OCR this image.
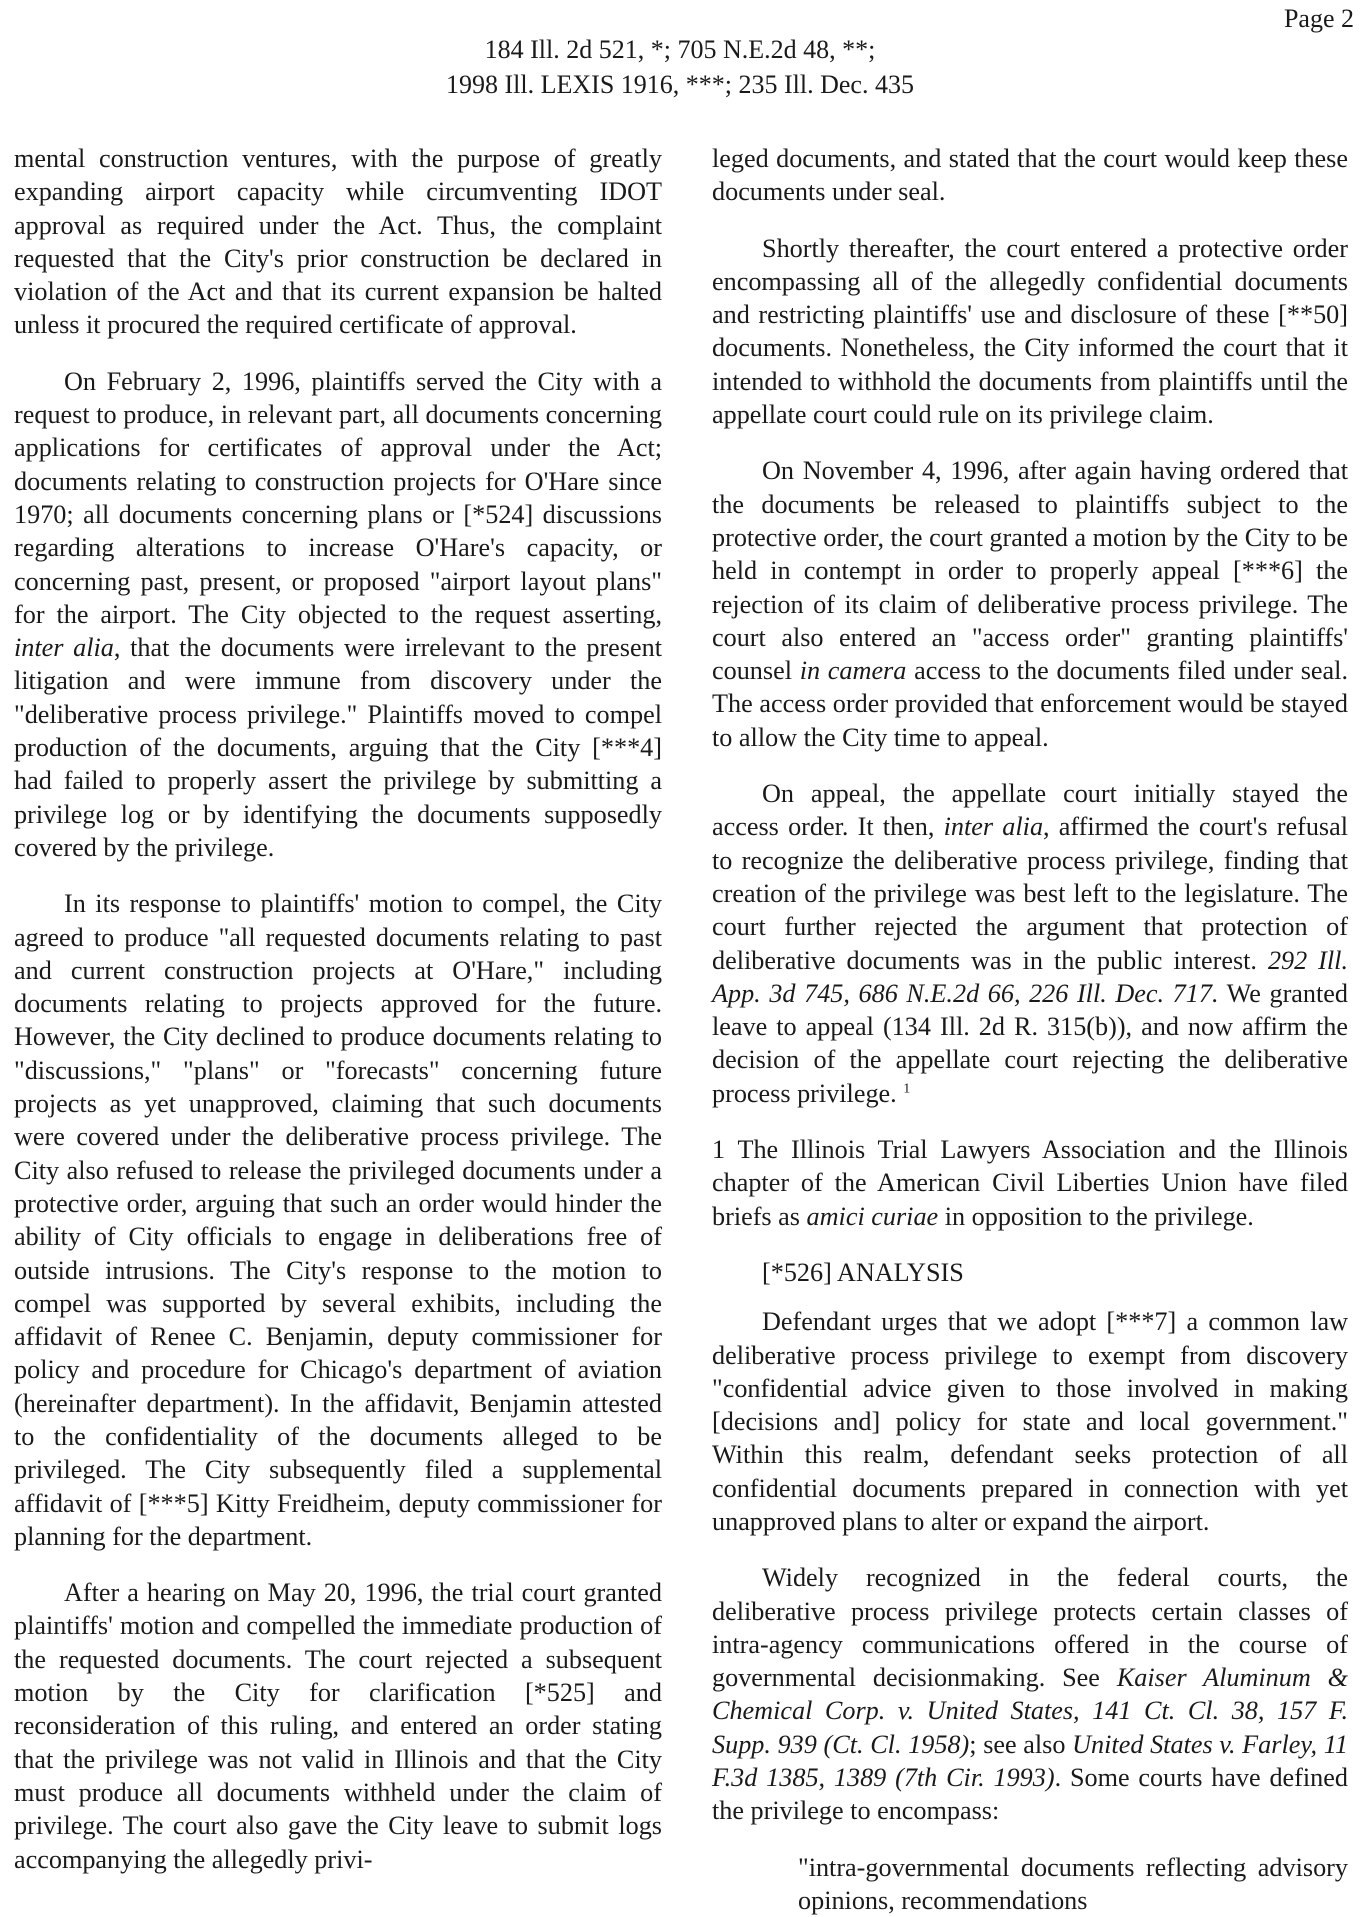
Page 2
184 Ill. 2d 521, *; 705 N.E.2d 48, **;
1998 Ill. LEXIS 1916, ***; 235 Ill. Dec. 435

mental construction ventures, with the purpose of greatly expanding airport capacity while circumventing IDOT approval as required under the Act. Thus, the complaint requested that the City's prior construction be declared in violation of the Act and that its current expansion be halted unless it procured the required certificate of approval.

On February 2, 1996, plaintiffs served the City with a request to produce, in relevant part, all documents concerning applications for certificates of approval under the Act; documents relating to construction projects for O'Hare since 1970; all documents concerning plans or [*524] discussions regarding alterations to increase O'Hare's capacity, or concerning past, present, or proposed "airport layout plans" for the airport. The City objected to the request asserting, inter alia, that the documents were irrelevant to the present litigation and were immune from discovery under the "deliberative process privilege." Plaintiffs moved to compel production of the documents, arguing that the City [***4] had failed to properly assert the privilege by submitting a privilege log or by identifying the documents supposedly covered by the privilege.

In its response to plaintiffs' motion to compel, the City agreed to produce "all requested documents relating to past and current construction projects at O'Hare," including documents relating to projects approved for the future. However, the City declined to produce documents relating to "discussions," "plans" or "forecasts" concerning future projects as yet unapproved, claiming that such documents were covered under the deliberative process privilege. The City also refused to release the privileged documents under a protective order, arguing that such an order would hinder the ability of City officials to engage in deliberations free of outside intrusions. The City's response to the motion to compel was supported by several exhibits, including the affidavit of Renee C. Benjamin, deputy commissioner for policy and procedure for Chicago's department of aviation (hereinafter department). In the affidavit, Benjamin attested to the confidentiality of the documents alleged to be privileged. The City subsequently filed a supplemental affidavit of [***5] Kitty Freidheim, deputy commissioner for planning for the department.

After a hearing on May 20, 1996, the trial court granted plaintiffs' motion and compelled the immediate production of the requested documents. The court rejected a subsequent motion by the City for clarification [*525] and reconsideration of this ruling, and entered an order stating that the privilege was not valid in Illinois and that the City must produce all documents withheld under the claim of privilege. The court also gave the City leave to submit logs accompanying the allegedly privi-

leged documents, and stated that the court would keep these documents under seal.

Shortly thereafter, the court entered a protective order encompassing all of the allegedly confidential documents and restricting plaintiffs' use and disclosure of these [**50] documents. Nonetheless, the City informed the court that it intended to withhold the documents from plaintiffs until the appellate court could rule on its privilege claim.

On November 4, 1996, after again having ordered that the documents be released to plaintiffs subject to the protective order, the court granted a motion by the City to be held in contempt in order to properly appeal [***6] the rejection of its claim of deliberative process privilege. The court also entered an "access order" granting plaintiffs' counsel in camera access to the documents filed under seal. The access order provided that enforcement would be stayed to allow the City time to appeal.

On appeal, the appellate court initially stayed the access order. It then, inter alia, affirmed the court's refusal to recognize the deliberative process privilege, finding that creation of the privilege was best left to the legislature. The court further rejected the argument that protection of deliberative documents was in the public interest. 292 Ill. App. 3d 745, 686 N.E.2d 66, 226 Ill. Dec. 717. We granted leave to appeal (134 Ill. 2d R. 315(b)), and now affirm the decision of the appellate court rejecting the deliberative process privilege. $^1$

1 The Illinois Trial Lawyers Association and the Illinois chapter of the American Civil Liberties Union have filed briefs as amici curiae in opposition to the privilege.

[*526] ANALYSIS

Defendant urges that we adopt [***7] a common law deliberative process privilege to exempt from discovery "confidential advice given to those involved in making [decisions and] policy for state and local government." Within this realm, defendant seeks protection of all confidential documents prepared in connection with yet unapproved plans to alter or expand the airport.

Widely recognized in the federal courts, the deliberative process privilege protects certain classes of intra-agency communications offered in the course of governmental decisionmaking. See Kaiser Aluminum & Chemical Corp. v. United States, 141 Ct. Cl. 38, 157 F. Supp. 939 (Ct. Cl. 1958); see also United States v. Farley, 11 F.3d 1385, 1389 (7th Cir. 1993). Some courts have defined the privilege to encompass:

"intra-governmental documents reflecting advisory opinions, recommendations
